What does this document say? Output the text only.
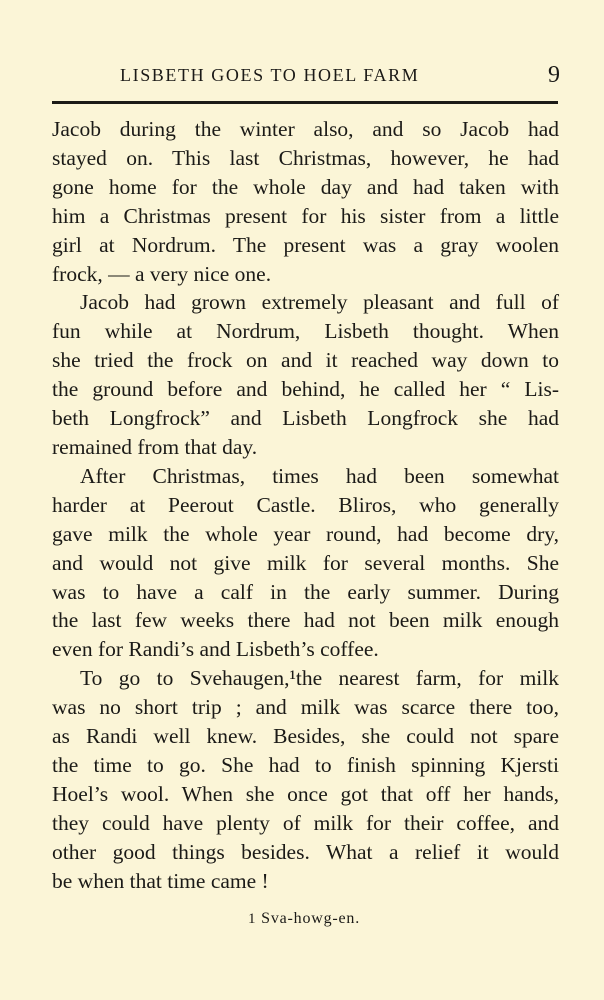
LISBETH GOES TO HOEL FARM	9
Jacob during the winter also, and so Jacob had
stayed on. This last Christmas, however, he had
gone home for the whole day and had taken with
him a Christmas present for his sister from a little
girl at Nordrum. The present was a gray woolen
frock, — a very nice one.
Jacob had grown extremely pleasant and full of
fun while at Nordrum, Lisbeth thought. When
she tried the frock on and it reached way down to
the ground before and behind, he called her “ Lis-
beth Longfrock” and Lisbeth Longfrock she had
remained from that day.
After Christmas, times had been somewhat
harder at Peerout Castle. Bliros, who generally
gave milk the whole year round, had become dry,
and would not give milk for several months. She
was to have a calf in the early summer. During
the last few weeks there had not been milk enough
even for Randi’s and Lisbeth’s coffee.
To go to Svehaugen,¹the nearest farm, for milk
was no short trip ; and milk was scarce there too,
as Randi well knew. Besides, she could not spare
the time to go. She had to finish spinning Kjersti
Hoel’s wool. When she once got that off her hands,
they could have plenty of milk for their coffee, and
other good things besides. What a relief it would
be when that time came !
1 Sva-howg-en.
